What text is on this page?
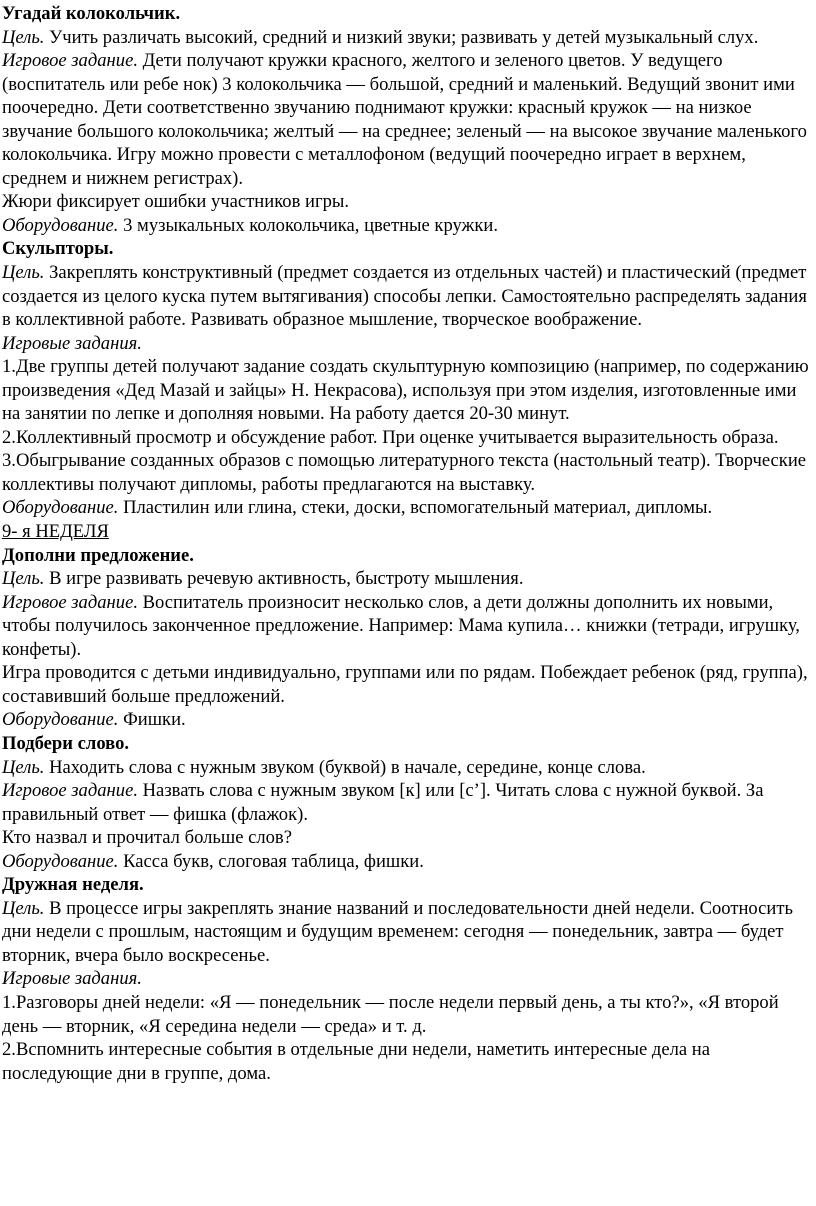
Угадай колокольчик.

Цель. Учить различать высокий, средний и низкий звуки; развивать у детей музыкальный слух.

Игровое задание. Дети получают кружки красного, желтого и зеленого цветов. У ведущего (воспитатель или ребе нок) 3 колокольчика — большой, средний и маленький. Ведущий звонит ими поочередно. Дети соответственно звучанию поднимают кружки: красный кружок — на низкое звучание большого колокольчика; желтый — на среднее; зеленый — на высокое звучание маленького колокольчика. Игру можно провести с металлофоном (ведущий поочередно играет в верхнем, среднем и нижнем регистрах).

Жюри фиксирует ошибки участников игры.

Оборудование. 3 музыкальных колокольчика, цветные кружки.

Скульпторы.

Цель. Закреплять конструктивный (предмет создается из отдельных частей) и пластический (предмет создается из целого куска путем вытягивания) способы лепки. Самостоятельно распределять задания в коллективной работе. Развивать образное мышление, творческое воображение.

Игровые задания.

1.Две группы детей получают задание создать скульптурную композицию (например, по содержанию произведения «Дед Мазай и зайцы» Н. Некрасова), используя при этом изделия, изготовленные ими на занятии по лепке и дополняя новыми. На работу дается 20-30 минут.

2.Коллективный просмотр и обсуждение работ. При оценке учитывается выразительность образа.

3.Обыгрывание созданных образов с помощью литературного текста (настольный театр). Творческие коллективы получают дипломы, работы предлагаются на выставку.

Оборудование. Пластилин или глина, стеки, доски, вспомогательный материал, дипломы.

9- я НЕДЕЛЯ

Дополни предложение.

Цель. В игре развивать речевую активность, быстроту мышления.

Игровое задание. Воспитатель произносит несколько слов, а дети должны дополнить их новыми, чтобы получилось законченное предложение. Например: Мама купила… книжки (тетради, игрушку, конфеты).

Игра проводится с детьми индивидуально, группами или по рядам. Побеждает ребенок (ряд, группа), составивший больше предложений.

Оборудование. Фишки.

Подбери слово.

Цель. Находить слова с нужным звуком (буквой) в начале, середине, конце слова.

Игровое задание. Назвать слова с нужным звуком [к] или [с’]. Читать слова с нужной буквой. За правильный ответ — фишка (флажок).

Кто назвал и прочитал больше слов?

Оборудование. Касса букв, слоговая таблица, фишки.

Дружная неделя.

Цель. В процессе игры закреплять знание названий и последовательности дней недели. Соотносить дни недели с прошлым, настоящим и будущим временем: сегодня — понедельник, завтра — будет вторник, вчера было воскресенье.

Игровые задания.

1.Разговоры дней недели: «Я — понедельник — после недели первый день, а ты кто?», «Я второй день — вторник, «Я середина недели — среда» и т. д.

2.Вспомнить интересные события в отдельные дни недели, наметить интересные дела на последующие дни в группе, дома.
